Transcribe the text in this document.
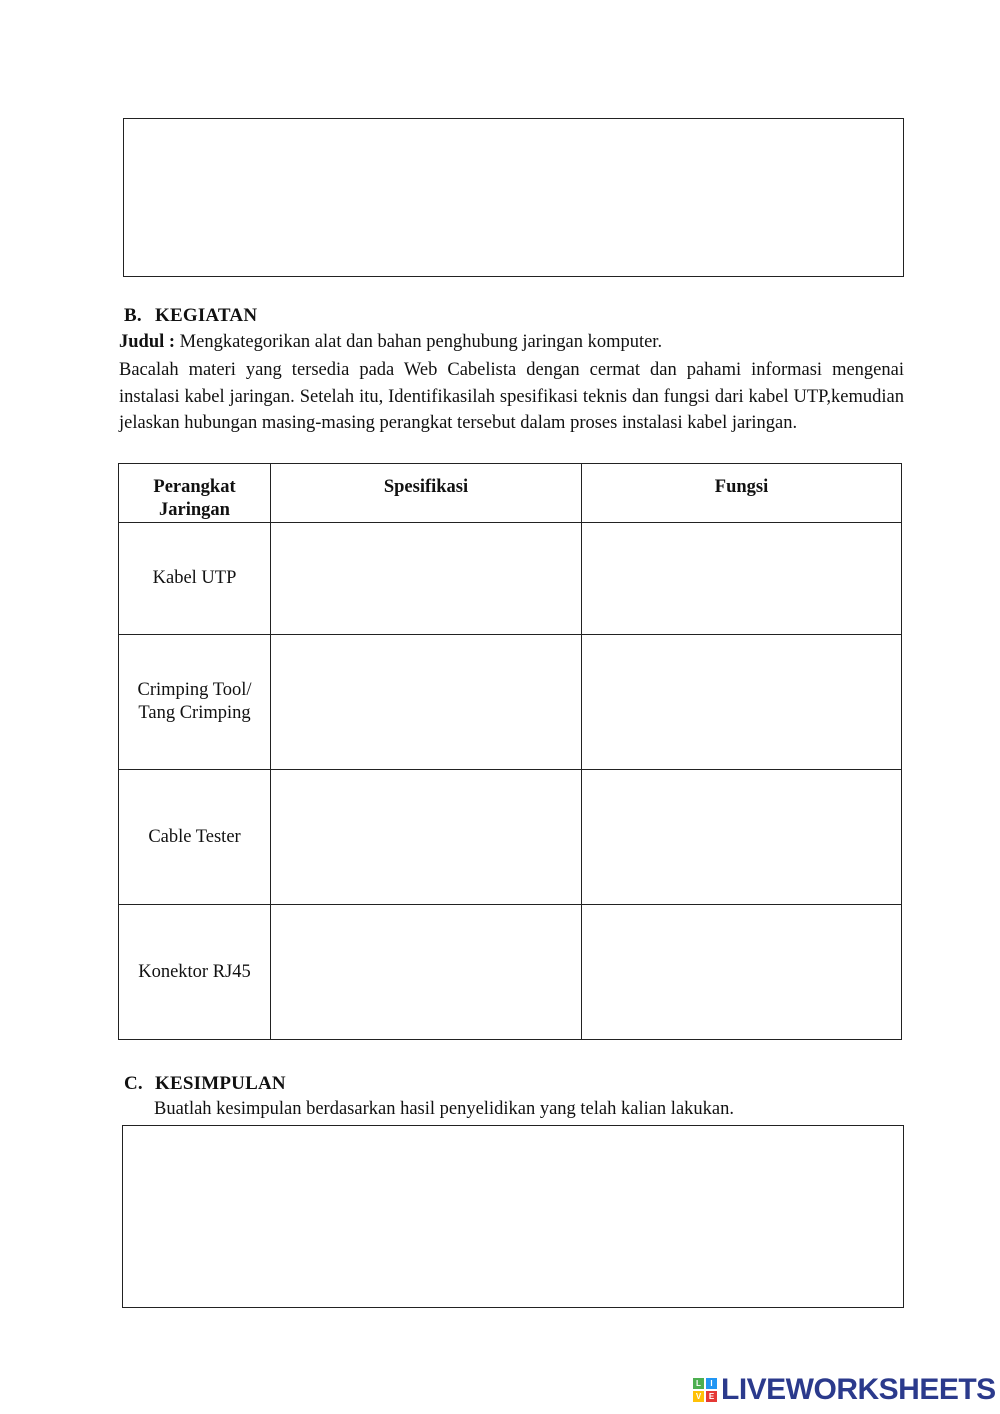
B. KEGIATAN
Judul : Mengkategorikan alat dan bahan penghubung jaringan komputer.

Bacalah materi yang tersedia pada Web Cabelista dengan cermat dan pahami informasi mengenai instalasi kabel jaringan. Setelah itu, Identifikasilah spesifikasi teknis dan fungsi dari kabel UTP,kemudian jelaskan hubungan masing-masing perangkat tersebut dalam proses instalasi kabel jaringan.

Perangkat Jaringan	Spesifikasi	Fungsi

Kabel UTP		

Crimping Tool/ Tang Crimping		

Cable Tester		

Konektor RJ45		

C. KESIMPULAN
Buatlah kesimpulan berdasarkan hasil penyelidikan yang telah kalian lakukan.
L	I
V E LIVEWORKSHEETS
